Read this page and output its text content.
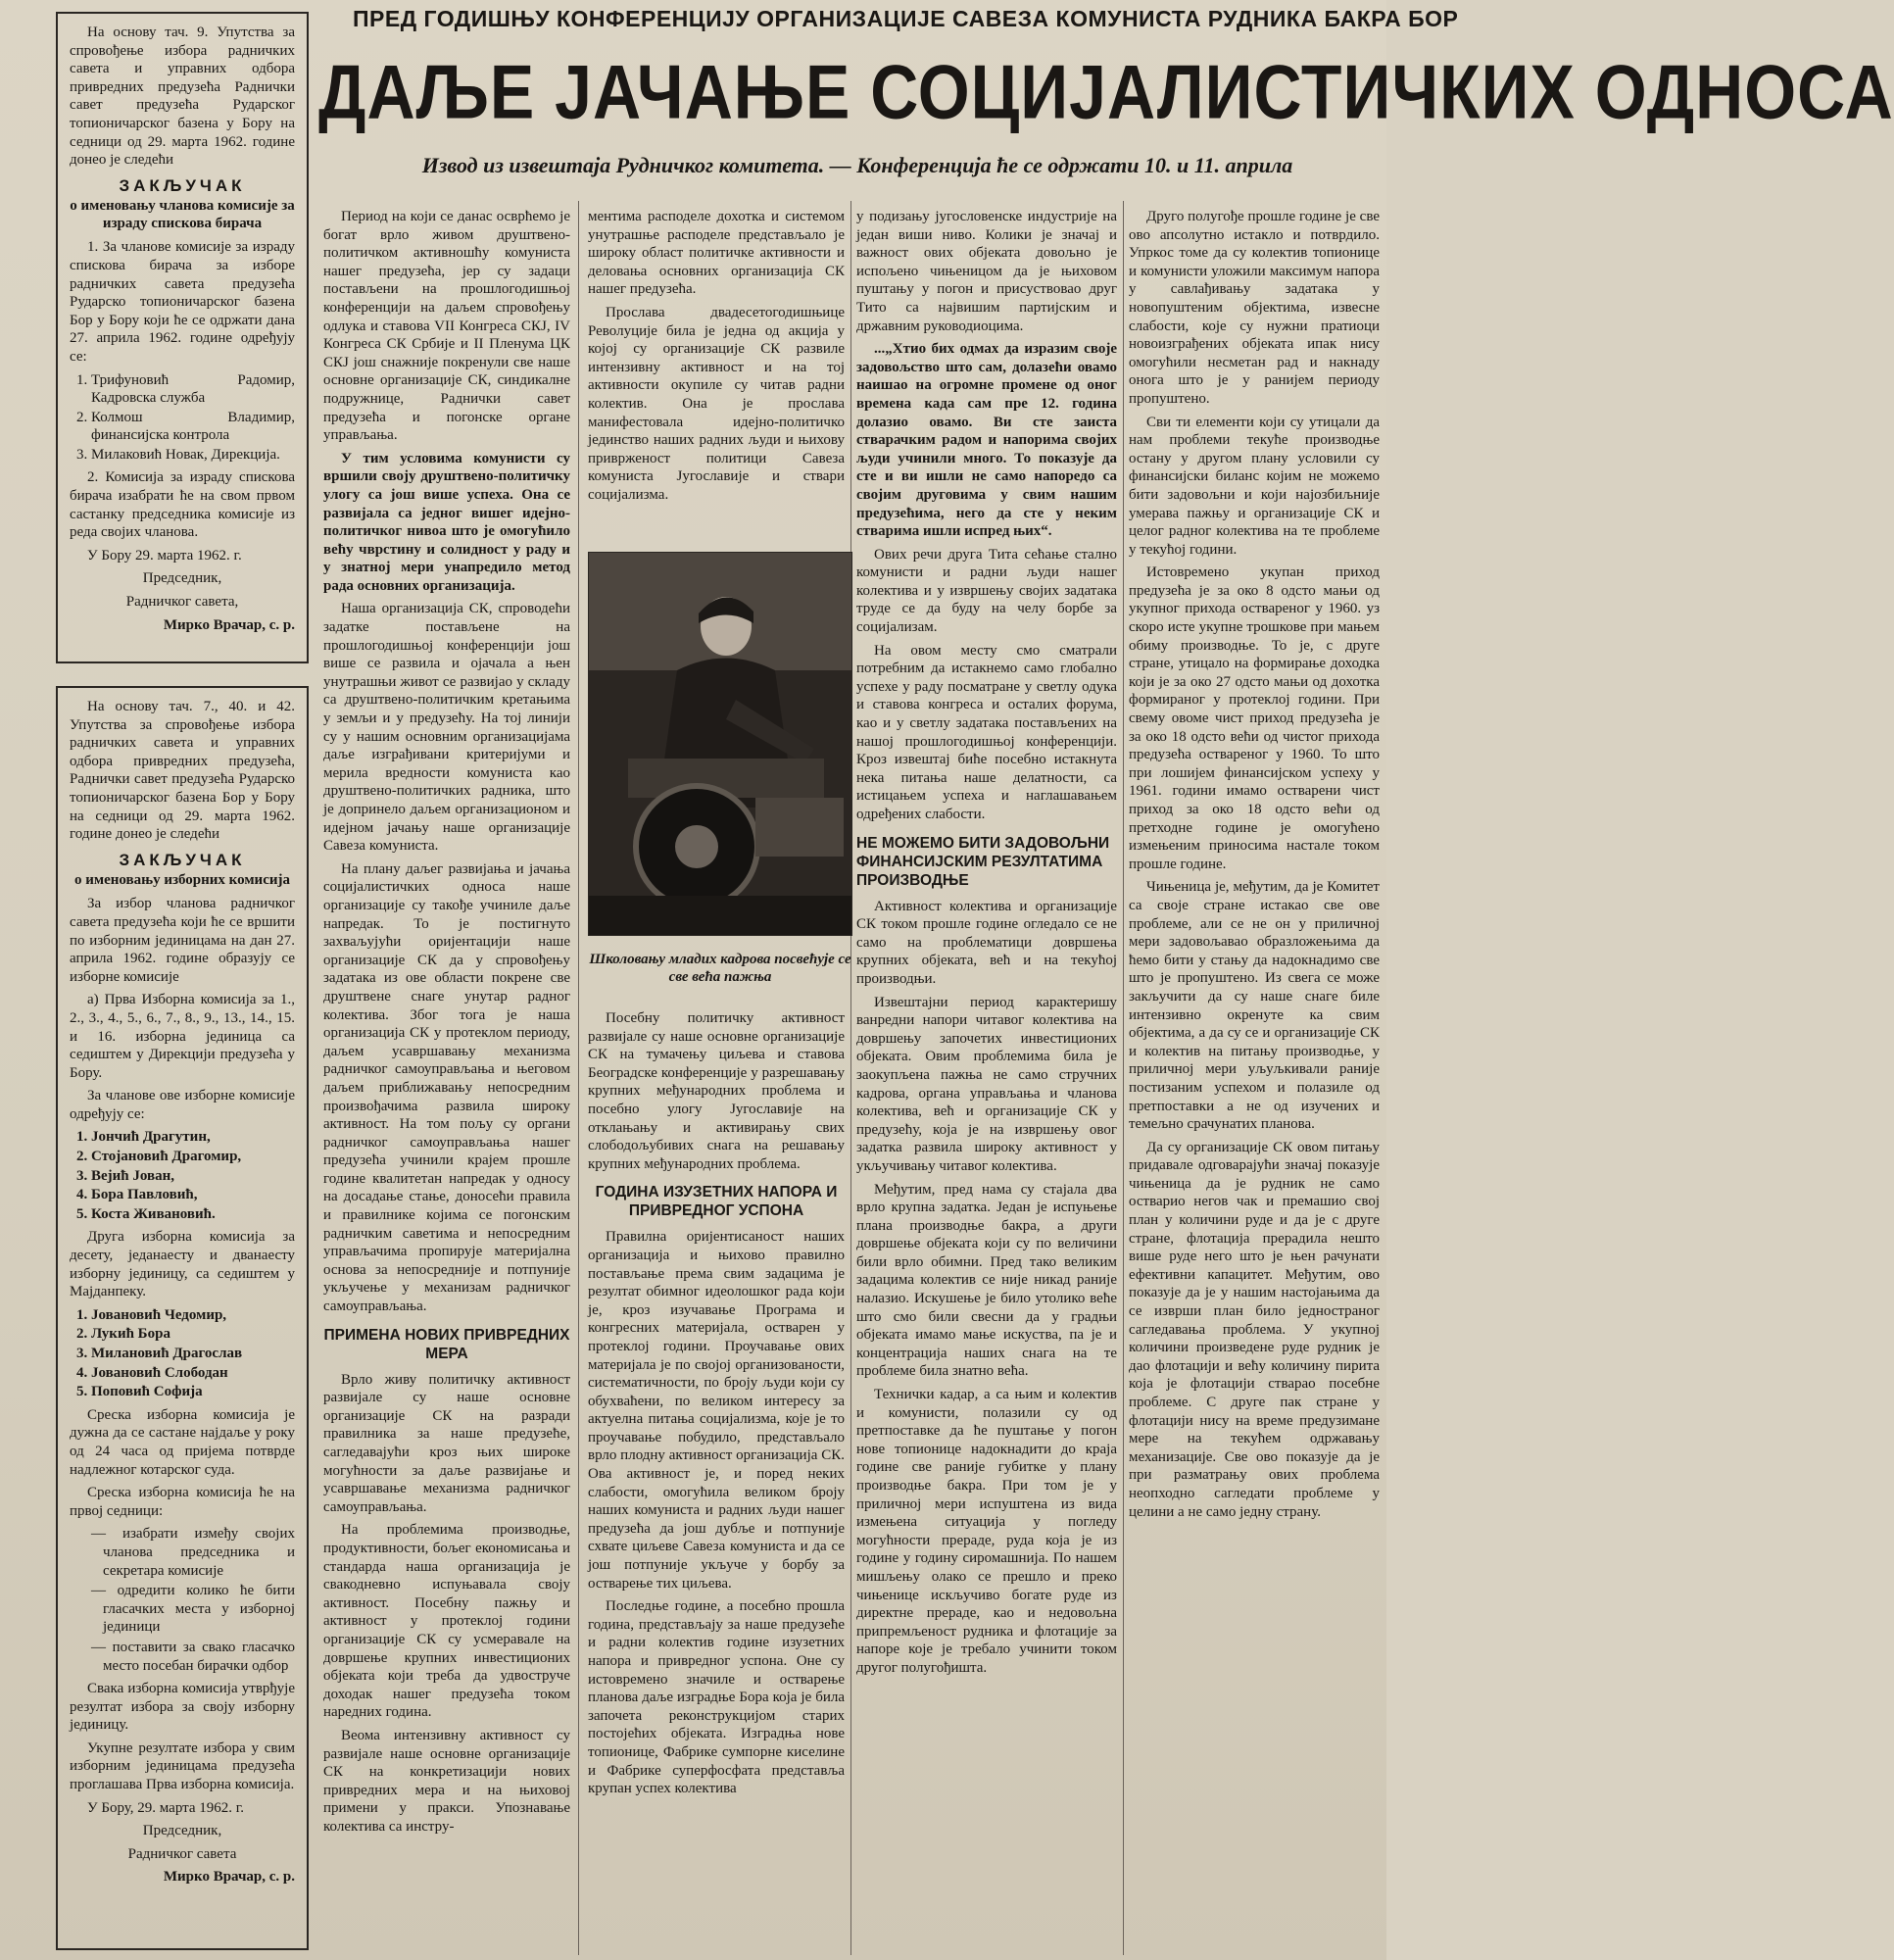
На основу тач. 9. Упутства за спровођење избора радничких савета и управних одбора привредних предузећа Раднички савет предузећа Рударског топионичарског базена у Бору на седници од 29. марта 1962. године донео је следећи

ЗАКЉУЧАК
о именовању чланова комисије за израду спискова бирача

1. За чланове комисије за израду спискова бирача за изборе радничких савета предузећа Рударско топионичарског базена Бор у Бору који ће се одржати дана 27. априла 1962. године одређују се:

1. Трифуновић Радомир, Кадровска служба
2. Колмош Владимир, финансијска контрола
3. Милаковић Новак, Дирекција.

2. Комисија за израду спискова бирача изабрати ће на свом првом састанку председника комисије из реда својих чланова.

У Бору 29. марта 1962. г.

Председник,

Радничког савета,

Мирко Врачар, с. р.

На основу тач. 7., 40. и 42. Упутства за спровођење избора радничких савета и управних одбора привредних предузећа, Раднички савет предузећа Рударско топионичарског базена Бор у Бору на седници од 29. марта 1962. године донео је следећи

ЗАКЉУЧАК
о именовању изборних комисија

За избор чланова радничког савета предузећа који ће се вршити по изборним јединицама на дан 27. априла 1962. године образују се изборне комисије

а) Прва Изборна комисија за 1., 2., 3., 4., 5., 6., 7., 8., 9., 13., 14., 15. и 16. изборна јединица са седиштем у Дирекцији предузећа у Бору.

За чланове ове изборне комисије одређују се:

1. Јончић Драгутин,
2. Стојановић Драгомир,
3. Вејић Јован,
4. Бора Павловић,
5. Коста Живановић.

Друга изборна комисија за десету, једанаесту и дванаесту изборну јединицу, са седиштем у Мајданпеку.

1. Јовановић Чедомир,
2. Лукић Бора
3. Милановић Драгослав
4. Јовановић Слободан
5. Поповић Софија

Среска изборна комисија је дужна да се састане најдаље у року од 24 часа од пријема потврде надлежног котарског суда.

Среска изборна комисија ће на првој седници:

— изабрати између својих чланова председника и секретара комисије
— одредити колико ће бити гласачких места у изборној јединици
— поставити за свако гласачко место посебан бирачки одбор

Свака изборна комисија утврђује резултат избора за своју изборну јединицу.

Укупне резултате избора у свим изборним јединицама предузећа проглашава Прва изборна комисија.

У Бору, 29. марта 1962. г.

Председник,

Радничког савета

Мирко Врачар, с. р.

ПРЕД ГОДИШЊУ КОНФЕРЕНЦИЈУ ОРГАНИЗАЦИЈЕ САВЕЗА КОМУНИСТА РУДНИКА БАКРА БОР
ДАЉЕ ЈАЧАЊЕ СОЦИЈАЛИСТИЧКИХ ОДНОСА
Извод из извештаја Рудничког комитета. — Конференција ће се одржати 10. и 11. априла

Период на који се данас осврћемо је богат врло живом друштвено-политичком активношћу комуниста нашег предузећа, јер су задаци постављени на прошлогодишњој конференцији на даљем спровођењу одлука и ставова VII Конгреса СКЈ, IV Конгреса СК Србије и II Пленума ЦК СКЈ још снажније покренули све наше основне организације СК, синдикалне подружнице, Раднички савет предузећа и погонске органе управљања.

У тим условима комунисти су вршили своју друштвено-политичку улогу са још више успеха. Она се развијала са једног вишег идејно-политичког нивоа што је омогућило већу чврстину и солидност у раду и у знатној мери унапредило метод рада основних организација.

Наша организација СК, спроводећи задатке постављене на прошлогодишњој конференцији још више се развила и ојачала а њен унутрашњи живот се развијао у складу са друштвено-политичким кретањима у земљи и у предузећу. На тој линији су у нашим основним организацијама даље изграђивани критеријуми и мерила вредности комуниста као друштвено-политичких радника, што је допринело даљем организационом и идејном јачању наше организације Савеза комуниста.

На плану даљег развијања и јачања социјалистичких односа наше организације су такође учиниле даље напредак. То је постигнуто захваљујући оријентацији наше организације СК да у спровођењу задатака из ове области покрене све друштвене снаге унутар радног колектива. Због тога је наша организација СК у протеклом периоду, даљем усавршавању механизма радничког самоуправљања и његовом даљем приближавању непосредним произвођачима развила широку активност. На том пољу су органи радничког самоуправљања нашег предузећа учинили крајем прошле године квалитетан напредак у односу на досадање стање, доносећи правила и правилнике којима се погонским радничким саветима и непосредним управљачима пропирује материјална основа за непосредније и потпуније укључење у механизам радничког самоуправљања.

ПРИМЕНА НОВИХ ПРИВРЕДНИХ МЕРА

Врло живу политичку активност развијале су наше основне организације СК на разради правилника за наше предузеће, сагледавајући кроз њих широке могућности за даље развијање и усавршавање механизма радничког самоуправљања.

На проблемима производње, продуктивности, бољег економисања и стандарда наша организација је свакодневно испуњавала своју активност. Посебну пажњу и активност у протеклој години организације СК су усмеравале на довршење крупних инвестиционих објеката који треба да удвоструче доходак нашег предузећа током наредних година.

Веома интензивну активност су развијале наше основне организације СК на конкретизацији нових привредних мера и на њиховој примени у пракси. Упознавање колектива са инстру-

ментима расподеле дохотка и системом унутрашње расподеле представљало је широку област политичке активности и деловања основних организација СК нашег предузећа.

Прослава двадесетогодишњице Револуције била је једна од акција у којој су организације СК развиле интензивну активност и на тој активности окупиле су читав радни колектив. Она је прослава манифестовала идејно-политичко јединство наших радних људи и њихову приврженост политици Савеза комуниста Југославије и ствари социјализма.

Школовању младих кадрова посвећује се све већа пажња

Посебну политичку активност развијале су наше основне организације СК на тумачењу циљева и ставова Београдске конференције у разрешавању крупних међународних проблема и посебно улогу Југославије на отклањању и активирању свих слободољубивих снага на решавању крупних међународних проблема.

ГОДИНА ИЗУЗЕТНИХ НАПОРА И ПРИВРЕДНОГ УСПОНА

Правилна оријентисаност наших организација и њихово правилно постављање према свим задацима је резултат обимног идеолошког рада који је, кроз изучавање Програма и конгресних материјала, остварен у протеклој години. Проучавање ових материјала је по својој организованости, систематичности, по броју људи који су обухваћени, по великом интересу за актуелна питања социјализма, које је то проучавање побудило, представљало врло плодну активност организација СК. Ова активност је, и поред неких слабости, омогућила великом броју наших комуниста и радних људи нашег предузећа да још дубље и потпуније схвате циљеве Савеза комуниста и да се још потпуније укључе у борбу за остварење тих циљева.

Последње године, а посебно прошла година, представљају за наше предузеће и радни колектив године изузетних напора и привредног успона. Оне су истовремено значиле и остварење планова даље изградње Бора која је била започета реконструкцијом старих постојећих објеката. Изградња нове топионице, Фабрике сумпорне киселине и Фабрике суперфосфата представља крупан успех колектива

у подизању југословенске индустрије на један виши ниво. Колики је значај и важност ових објеката довољно је испољено чињеницом да је њиховом пуштању у погон и присуствовао друг Тито са највишим партијским и државним руководиоцима.

...„Хтио бих одмах да изразим своје задовољство што сам, долазећи овамо наишао на огромне промене од оног времена када сам пре 12. година долазио овамо. Ви сте заиста стварачким радом и напорима својих људи учинили много. То показује да сте и ви ишли не само напоредо са својим друговима у свим нашим предузећима, него да сте у неким стварима ишли испред њих“.

Ових речи друга Тита сећање стално комунисти и радни људи нашег колектива и у извршењу својих задатака труде се да буду на челу борбе за социјализам.

На овом месту смо сматрали потребним да истакнемо само глобално успехе у раду посматране у светлу одука и ставова конгреса и осталих форума, као и у светлу задатака постављених на нашој прошлогодишњој конференцији. Кроз извештај биће посебно истакнута нека питања наше делатности, са истицањем успеха и наглашавањем одређених слабости.

НЕ МОЖЕМО БИТИ ЗАДОВОЉНИ ФИНАНСИЈСКИМ РЕЗУЛТАТИМА ПРОИЗВОДЊЕ

Активност колектива и организације СК током прошле године оглeдало се не само на проблематици довршења крупних објеката, већ и на текућој производњи.

Извештајни период карактеришу ванредни напори читавог колектива на довршењу започетих инвестиционих објеката. Овим проблемима била је заокупљена пажња не само стручних кадрова, органа управљања и чланова колектива, већ и организације СК у предузећу, која је на извршењу овог задатка развила широку активност у укључивању читавог колектива.

Међутим, пред нама су стајала два врло крупна задатка. Један је испуњење плана производње бакра, а други довршење објеката који су по величини били врло обимни. Пред тако великим задацима колектив се није никад раније налазио. Искушење је било утолико веће што смо били свесни да у градњи објеката имамо мање искуства, па је и концентрација наших снага на те проблеме била знатно већа.

Технички кадар, а са њим и колектив и комунисти, полазили су од претпоставке да ће пуштање у погон нове топионице надокнадити до краја године све раније губитке у плану производње бакра. При том је у приличној мери испуштена из вида измењена ситуација у погледу могућности прераде, руда која је из године у годину сиромашнија. По нашем мишљењу олако се прешло и преко чињенице искључиво богате руде из директне прераде, као и недовољна припремљеност рудника и флотације за напоре које је требало учинити током другог полугођишта.

Друго полугође прошле године је све ово апсолутно истакло и потврдило. Упркос томе да су колектив топионице и комунисти уложили максимум напора у савлађивању задатака у новопуштеним објектима, извесне слабости, које су нужни пратиоци новоизграђених објеката ипак нису омогућили несметан рад и накнаду онога што је у ранијем периоду пропуштено.

Сви ти елементи који су утицали да нам проблеми текуће производње остану у другом плану условили су финансијски биланс којим не можемо бити задовољни и који најозбиљније умерава пажњу и организације СК и целог радног колектива на те проблеме у текућој години.

Истовремено укупан приход предузећа је за око 8 одсто мањи од укупног прихода оствареног у 1960. уз скоро исте укупне трошкове при мањем обиму производње. То је, с друге стране, утицало на формирање доходка који је за око 27 одсто мањи од дохотка формираног у протеклој години. При свему овоме чист приход предузећа је за око 18 одсто већи од чистог прихода предузећа оствареног у 1960. То што при лошијем финансијском успеху у 1961. години имамо остварени чист приход за око 18 одсто већи од претходне године је омогућено измењеним приносима настале током прошле године.

Чињеница је, међутим, да је Комитет са своје стране истакао све ове проблеме, али се не он у приличној мери задовољавао образложењима да ћемо бити у стању да надокнадимо све што је пропуштено. Из свега се може закључити да су наше снаге биле интензивно окренуте ка свим објектима, а да су се и организације СК и колектив на питању производње, у приличној мери уљуљкивали раније постизаним успехом и полазиле од претпоставки а не од изучених и темељно срачунатих планова.

Да су организације СК овом питању придавале одговарајући значај показује чињеница да је рудник не само остварио негов чак и премашио свој план у количини руде и да је с друге стране, флотација прерадила нешто више руде него што је њен рачунати ефективни капацитет. Међутим, ово показује да је у нашим настојањима да се изврши план било једностраног сагледавања проблема. У укупној количини произведене руде рудник је дао флотацији и већу количину пирита која је флотацији стварао посебне проблеме. С друге пак стране у флотацији нису на време предузимане мере на текућем одржавању механизације. Све ово показује да је при разматрању ових проблема неопходно сагледати проблеме у целини а не само једну страну.
